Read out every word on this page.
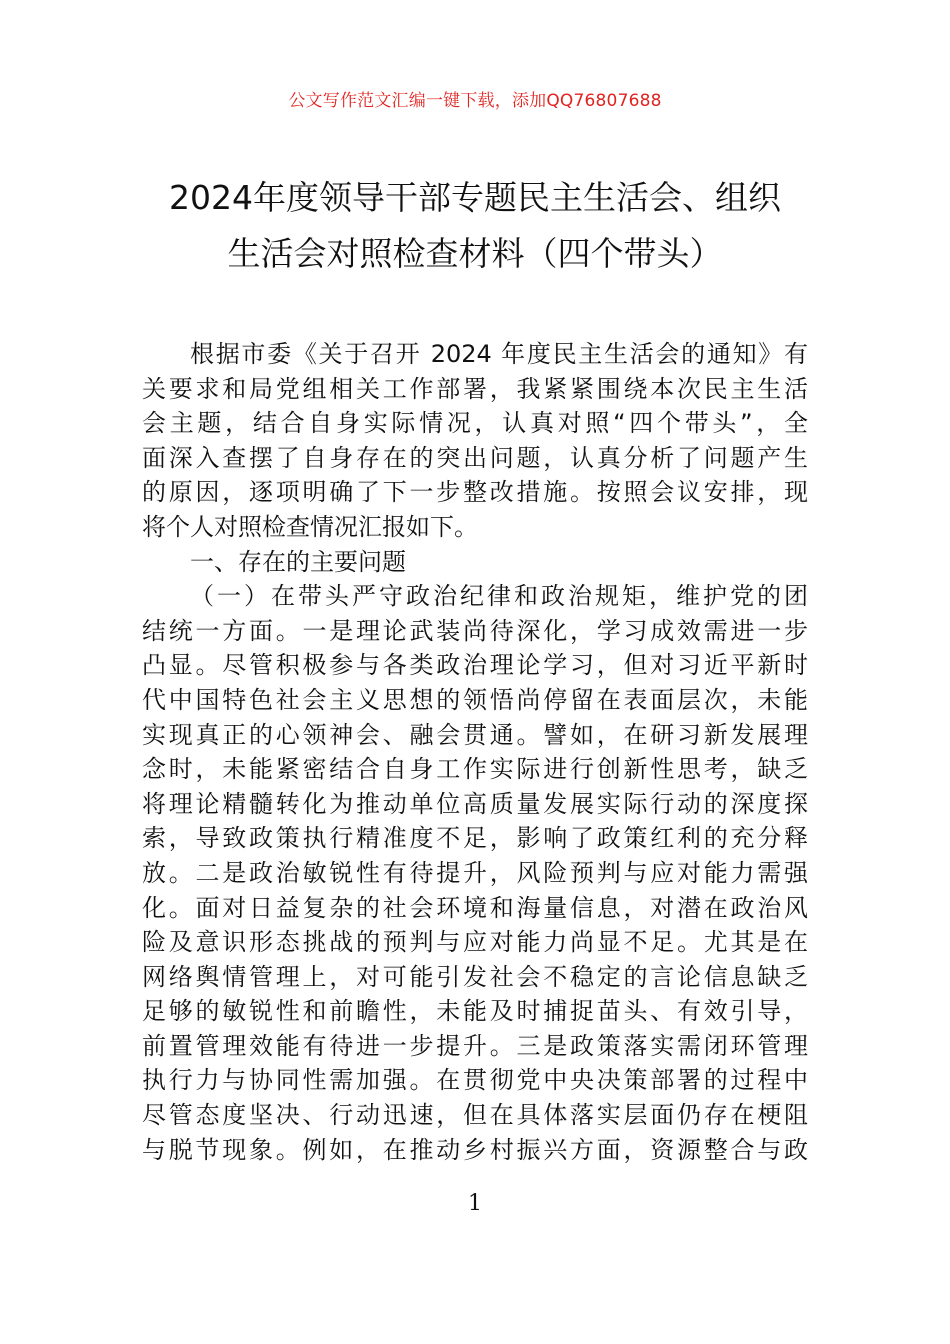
公文写作范文汇编一键下载，添加QQ76807688
2024年度领导干部专题民主生活会、组织
生活会对照检查材料（四个带头）
根据市委《关于召开 2024 年度民主生活会的通知》有
关要求和局党组相关工作部署，我紧紧围绕本次民主生活
会主题，结合自身实际情况，认真对照“四个带头”，全
面深入查摆了自身存在的突出问题，认真分析了问题产生
的原因，逐项明确了下一步整改措施。按照会议安排，现
将个人对照检查情况汇报如下。
一、存在的主要问题
（一）在带头严守政治纪律和政治规矩，维护党的团
结统一方面。一是理论武装尚待深化，学习成效需进一步
凸显。尽管积极参与各类政治理论学习，但对习近平新时
代中国特色社会主义思想的领悟尚停留在表面层次，未能
实现真正的心领神会、融会贯通。譬如，在研习新发展理
念时，未能紧密结合自身工作实际进行创新性思考，缺乏
将理论精髓转化为推动单位高质量发展实际行动的深度探
索，导致政策执行精准度不足，影响了政策红利的充分释
放。二是政治敏锐性有待提升，风险预判与应对能力需强
化。面对日益复杂的社会环境和海量信息，对潜在政治风
险及意识形态挑战的预判与应对能力尚显不足。尤其是在
网络舆情管理上，对可能引发社会不稳定的言论信息缺乏
足够的敏锐性和前瞻性，未能及时捕捉苗头、有效引导，
前置管理效能有待进一步提升。三是政策落实需闭环管理
执行力与协同性需加强。在贯彻党中央决策部署的过程中
尽管态度坚决、行动迅速，但在具体落实层面仍存在梗阻
与脱节现象。例如，在推动乡村振兴方面，资源整合与政
1
